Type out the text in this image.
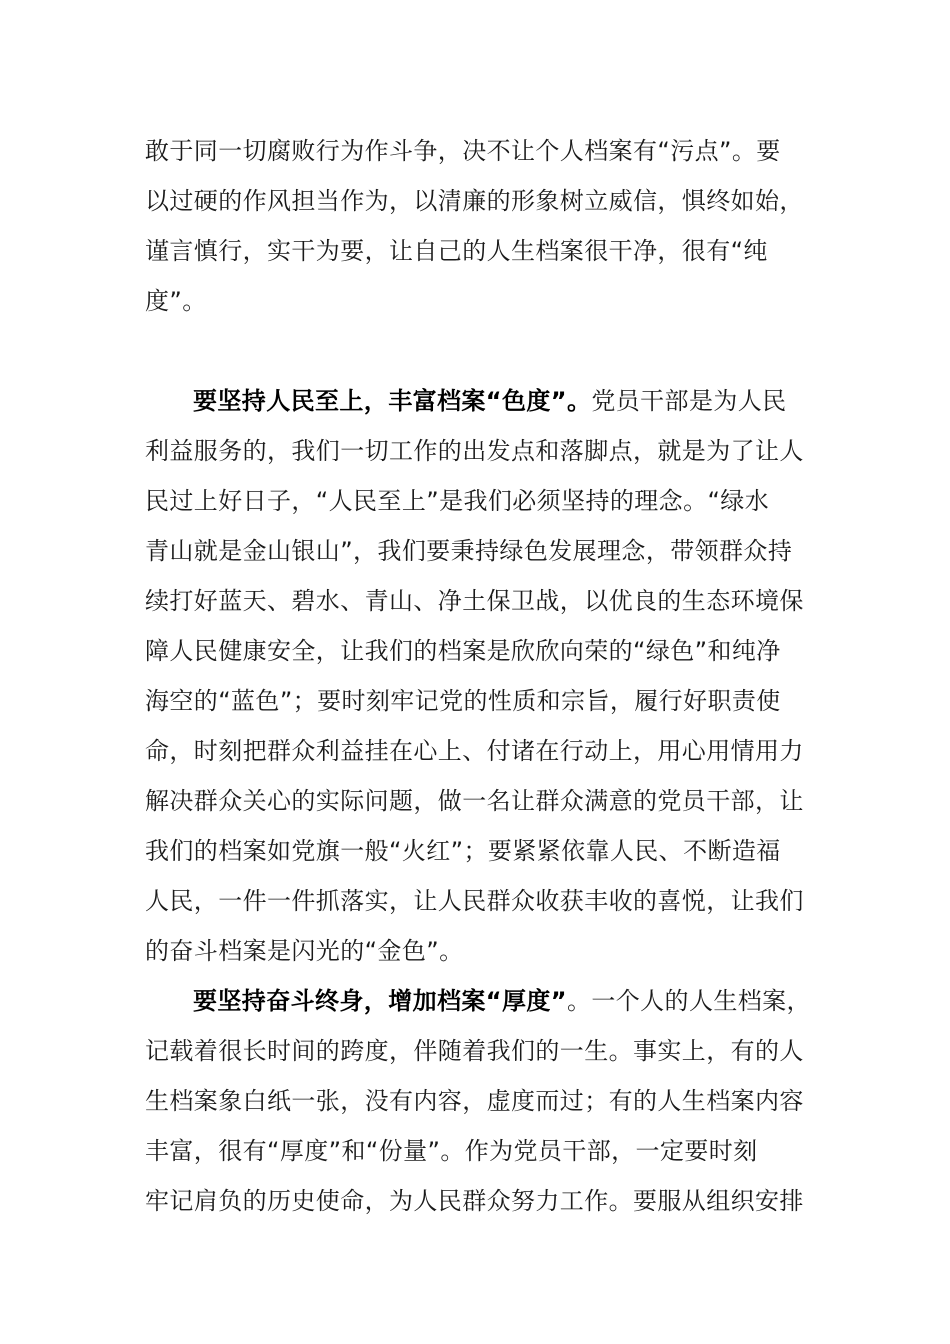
敢于同一切腐败行为作斗争，决不让个人档案有“污点”。要
以过硬的作风担当作为，以清廉的形象树立威信，惧终如始，
谨言慎行，实干为要，让自己的人生档案很干净，很有“纯
度”。
要坚持人民至上，丰富档案“色度”。党员干部是为人民
利益服务的，我们一切工作的出发点和落脚点，就是为了让人
民过上好日子，“人民至上”是我们必须坚持的理念。“绿水
青山就是金山银山”，我们要秉持绿色发展理念，带领群众持
续打好蓝天、碧水、青山、净土保卫战，以优良的生态环境保
障人民健康安全，让我们的档案是欣欣向荣的“绿色”和纯净
海空的“蓝色”；要时刻牢记党的性质和宗旨，履行好职责使
命，时刻把群众利益挂在心上、付诸在行动上，用心用情用力
解决群众关心的实际问题，做一名让群众满意的党员干部，让
我们的档案如党旗一般“火红”；要紧紧依靠人民、不断造福
人民，一件一件抓落实，让人民群众收获丰收的喜悦，让我们
的奋斗档案是闪光的“金色”。
要坚持奋斗终身，增加档案“厚度”。一个人的人生档案，
记载着很长时间的跨度，伴随着我们的一生。事实上，有的人
生档案象白纸一张，没有内容，虚度而过；有的人生档案内容
丰富，很有“厚度”和“份量”。作为党员干部，一定要时刻
牢记肩负的历史使命，为人民群众努力工作。要服从组织安排
